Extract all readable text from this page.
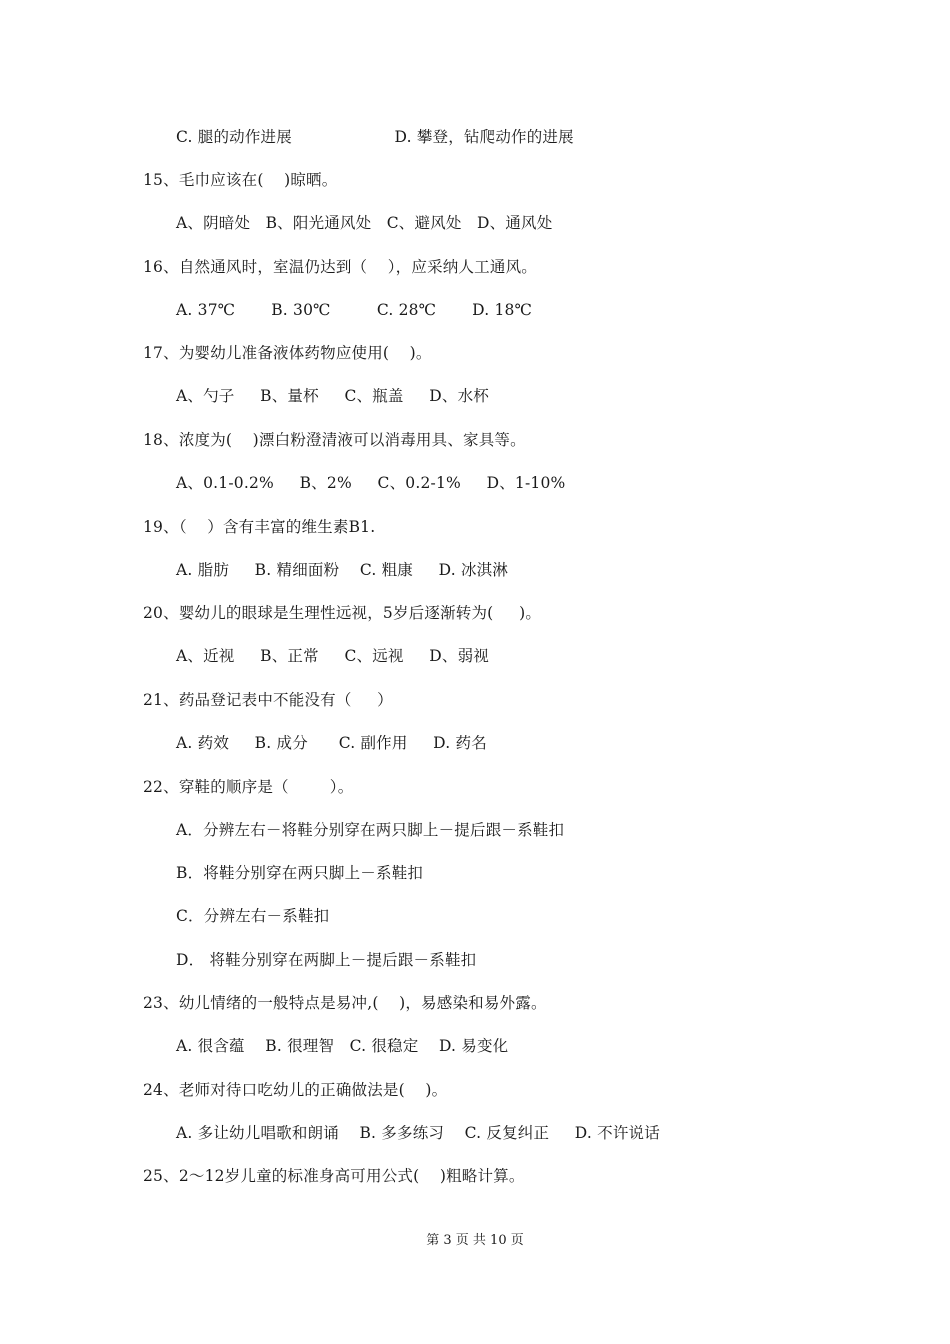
C. 腿的动作进展                    D. 攀登，钻爬动作的进展
15、毛巾应该在(    )晾晒。
A、阴暗处   B、阳光通风处   C、避风处   D、通风处
16、自然通风时，室温仍达到（    ），应采纳人工通风。
A. 37℃       B. 30℃         C. 28℃       D. 18℃
17、为婴幼儿准备液体药物应使用(    )。
A、勺子     B、量杯     C、瓶盖     D、水杯
18、浓度为(    )漂白粉澄清液可以消毒用具、家具等。
A、0.1-0.2%     B、2%     C、0.2-1%     D、1-10%
19、（    ）含有丰富的维生素B1.
A. 脂肪     B. 精细面粉    C. 粗康     D. 冰淇淋
20、婴幼儿的眼球是生理性远视，5岁后逐渐转为(     )。
A、近视     B、正常     C、远视     D、弱视
21、药品登记表中不能没有（     ）
A. 药效     B. 成分      C. 副作用     D. 药名
22、穿鞋的顺序是（        ）。
A．分辨左右－将鞋分别穿在两只脚上－提后跟－系鞋扣
B．将鞋分别穿在两只脚上－系鞋扣
C．分辨左右－系鞋扣
D． 将鞋分别穿在两脚上－提后跟－系鞋扣
23、幼儿情绪的一般特点是易冲,(    )，易感染和易外露。
A. 很含蕴    B. 很理智   C. 很稳定    D. 易变化
24、老师对待口吃幼儿的正确做法是(    )。
A. 多让幼儿唱歌和朗诵    B. 多多练习    C. 反复纠正     D. 不许说话
25、2～12岁儿童的标准身高可用公式(    )粗略计算。
第 3 页 共 10 页
